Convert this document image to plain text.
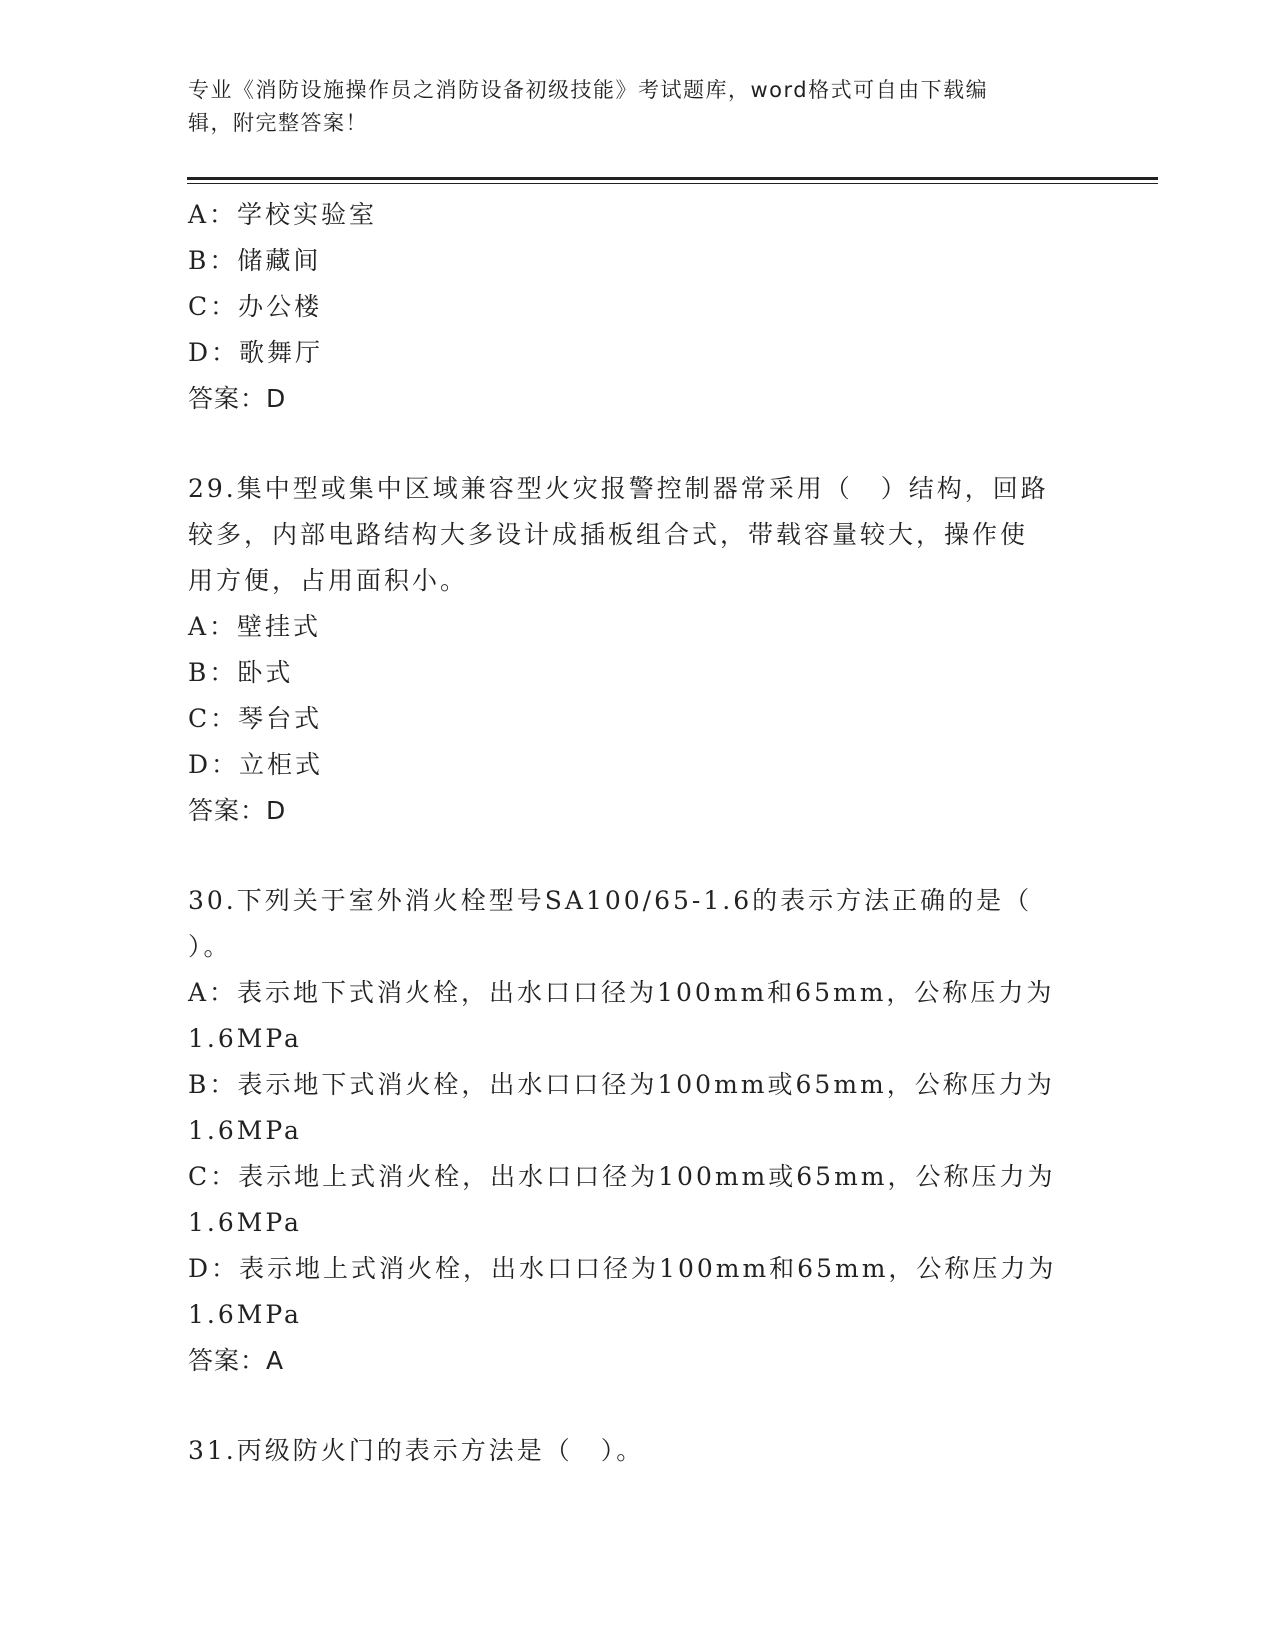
专业《消防设施操作员之消防设备初级技能》考试题库，word格式可自由下载编
辑，附完整答案！
A：学校实验室
B：储藏间
C：办公楼
D：歌舞厅
答案：D
29.集中型或集中区域兼容型火灾报警控制器常采用（　）结构，回路
较多，内部电路结构大多设计成插板组合式，带载容量较大，操作使
用方便，占用面积小。
A：壁挂式
B：卧式
C：琴台式
D：立柜式
答案：D
30.下列关于室外消火栓型号SA100/65-1.6的表示方法正确的是（
）。
A：表示地下式消火栓，出水口口径为100mm和65mm，公称压力为
1.6MPa
B：表示地下式消火栓，出水口口径为100mm或65mm，公称压力为
1.6MPa
C：表示地上式消火栓，出水口口径为100mm或65mm，公称压力为
1.6MPa
D：表示地上式消火栓，出水口口径为100mm和65mm，公称压力为
1.6MPa
答案：A
31.丙级防火门的表示方法是（　）。
